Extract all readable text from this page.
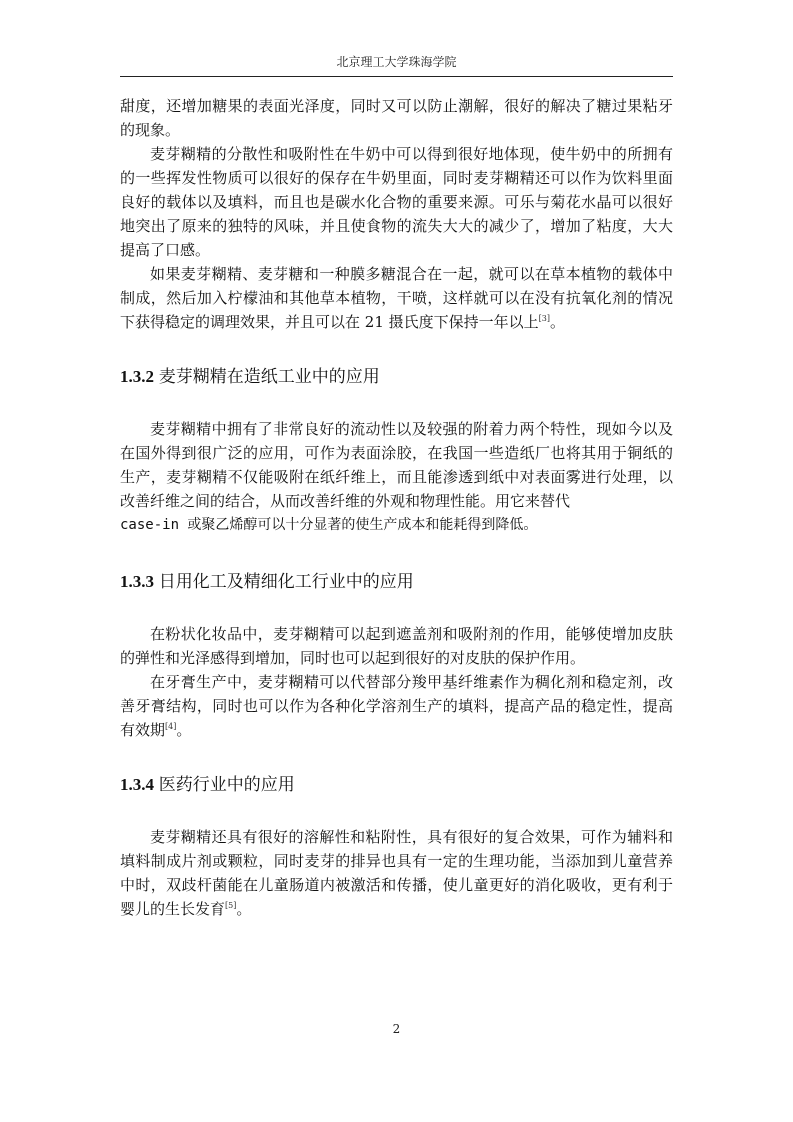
北京理工大学珠海学院

甜度，还增加糖果的表面光泽度，同时又可以防止潮解，很好的解决了糖过果粘牙的现象。

麦芽糊精的分散性和吸附性在牛奶中可以得到很好地体现，使牛奶中的所拥有的一些挥发性物质可以很好的保存在牛奶里面，同时麦芽糊精还可以作为饮料里面良好的载体以及填料，而且也是碳水化合物的重要来源。可乐与菊花水晶可以很好地突出了原来的独特的风味，并且使食物的流失大大的减少了，增加了粘度，大大提高了口感。

如果麦芽糊精、麦芽糖和一种膜多糖混合在一起，就可以在草本植物的载体中制成，然后加入柠檬油和其他草本植物，干喷，这样就可以在没有抗氧化剂的情况下获得稳定的调理效果，并且可以在 21 摄氏度下保持一年以上[3]。

1.3.2 麦芽糊精在造纸工业中的应用

麦芽糊精中拥有了非常良好的流动性以及较强的附着力两个特性，现如今以及在国外得到很广泛的应用，可作为表面涂胶，在我国一些造纸厂也将其用于铜纸的生产，麦芽糊精不仅能吸附在纸纤维上，而且能渗透到纸中对表面雾进行处理，以改善纤维之间的结合，从而改善纤维的外观和物理性能。用它来替代

case-in 或聚乙烯醇可以十分显著的使生产成本和能耗得到降低。

1.3.3 日用化工及精细化工行业中的应用

在粉状化妆品中，麦芽糊精可以起到遮盖剂和吸附剂的作用，能够使增加皮肤的弹性和光泽感得到增加，同时也可以起到很好的对皮肤的保护作用。

在牙膏生产中，麦芽糊精可以代替部分羧甲基纤维素作为稠化剂和稳定剂，改善牙膏结构，同时也可以作为各种化学溶剂生产的填料，提高产品的稳定性，提高有效期[4]。

1.3.4 医药行业中的应用

麦芽糊精还具有很好的溶解性和粘附性，具有很好的复合效果，可作为辅料和填料制成片剂或颗粒，同时麦芽的排异也具有一定的生理功能，当添加到儿童营养中时，双歧杆菌能在儿童肠道内被激活和传播，使儿童更好的消化吸收，更有利于婴儿的生长发育[5]。

2
